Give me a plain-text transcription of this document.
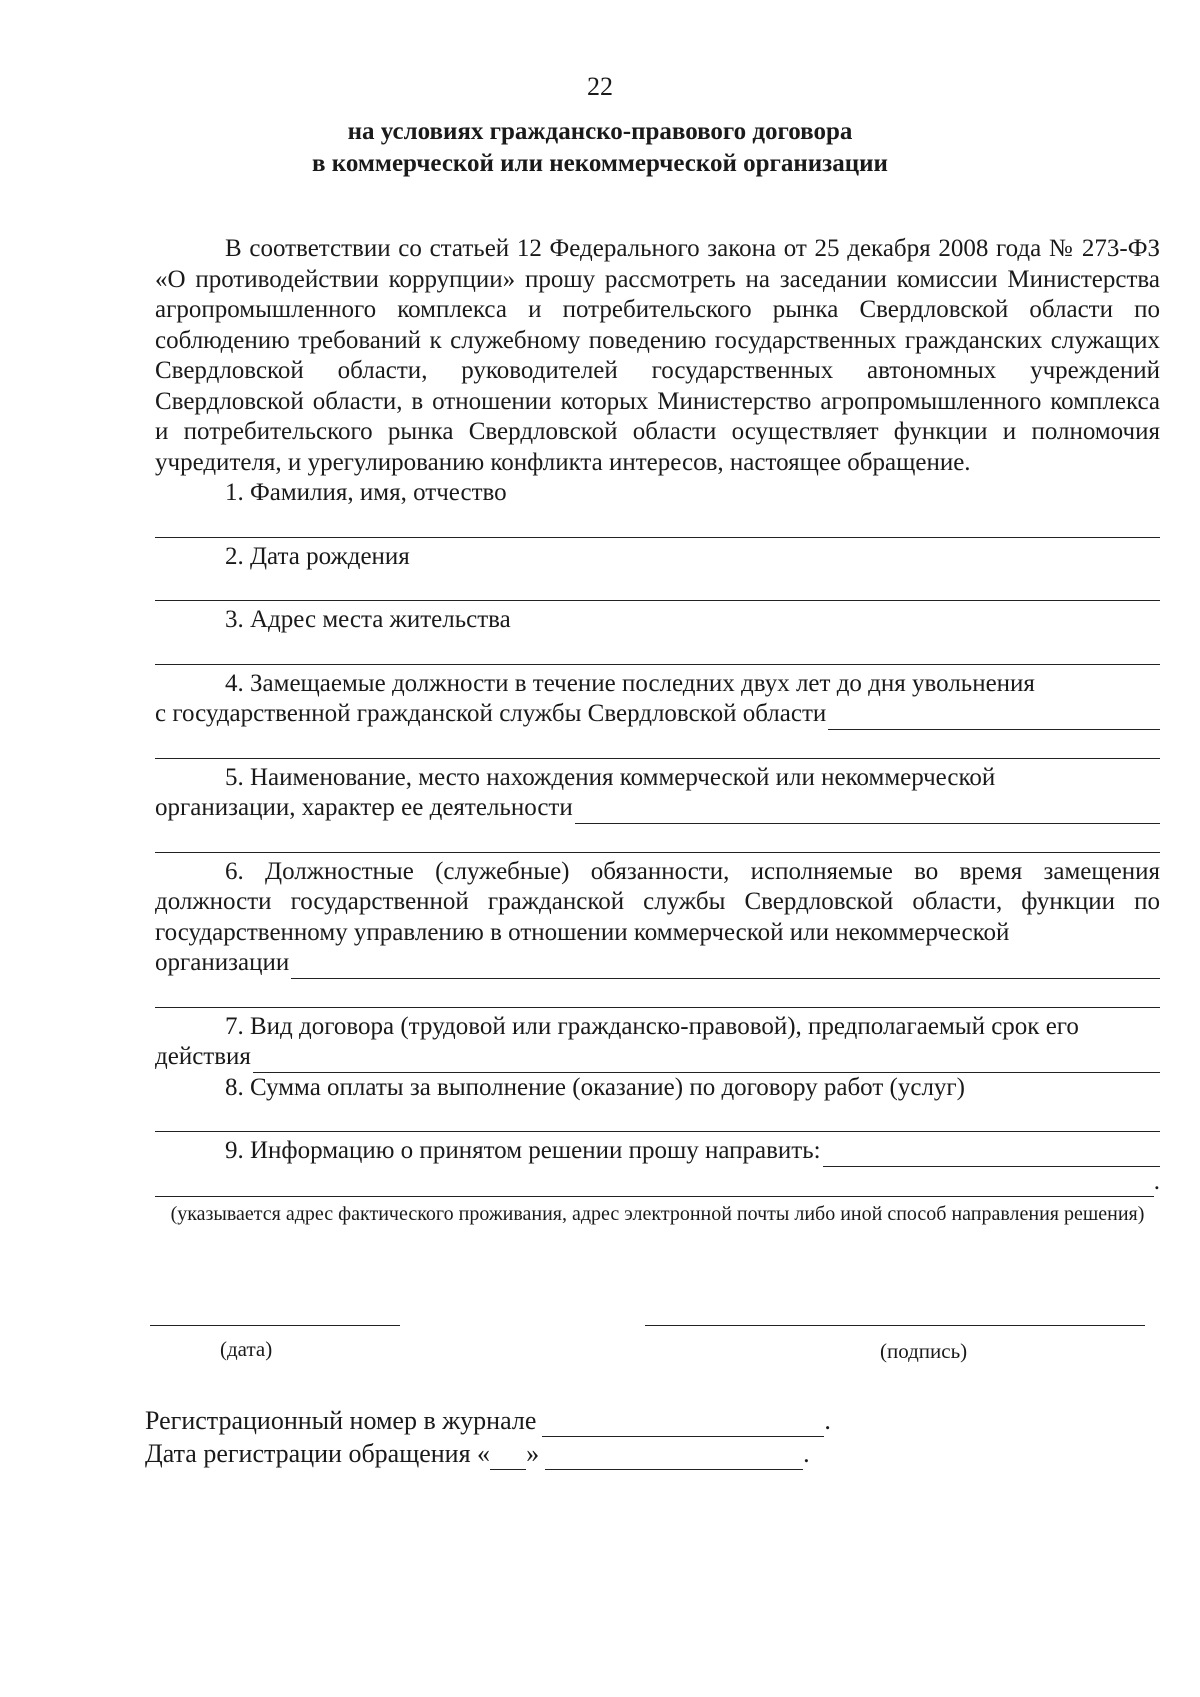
22
на условиях гражданско-правового договора
в коммерческой или некоммерческой организации

В соответствии со статьей 12 Федерального закона от 25 декабря 2008 года № 273-ФЗ «О противодействии коррупции» прошу рассмотреть на заседании комиссии Министерства агропромышленного комплекса и потребительского рынка Свердловской области по соблюдению требований к служебному поведению государственных гражданских служащих Свердловской области, руководителей государственных автономных учреждений Свердловской области, в отношении которых Министерство агропромышленного комплекса и потребительского рынка Свердловской области осуществляет функции и полномочия учредителя, и урегулированию конфликта интересов, настоящее обращение.

1. Фамилия, имя, отчество
2. Дата рождения
3. Адрес места жительства

4. Замещаемые должности в течение последних двух лет до дня увольнения

с государственной гражданской службы Свердловской области

5. Наименование, место нахождения коммерческой или некоммерческой

организации, характер ее деятельности

6. Должностные (служебные) обязанности, исполняемые во время замещения должности государственной гражданской службы Свердловской области, функции по государственному управлению в отношении коммерческой или некоммерческой

организации

7. Вид договора (трудовой или гражданско-правовой), предполагаемый срок его

действия

8. Сумма оплаты за выполнение (оказание) по договору работ (услуг)

9. Информацию о принятом решении прошу направить:
.
(указывается адрес фактического проживания, адрес электронной почты либо иной способ направления решения)
(дата)	(подпись)
Регистрационный номер в журнале	.
Дата регистрации обращения « »	.
